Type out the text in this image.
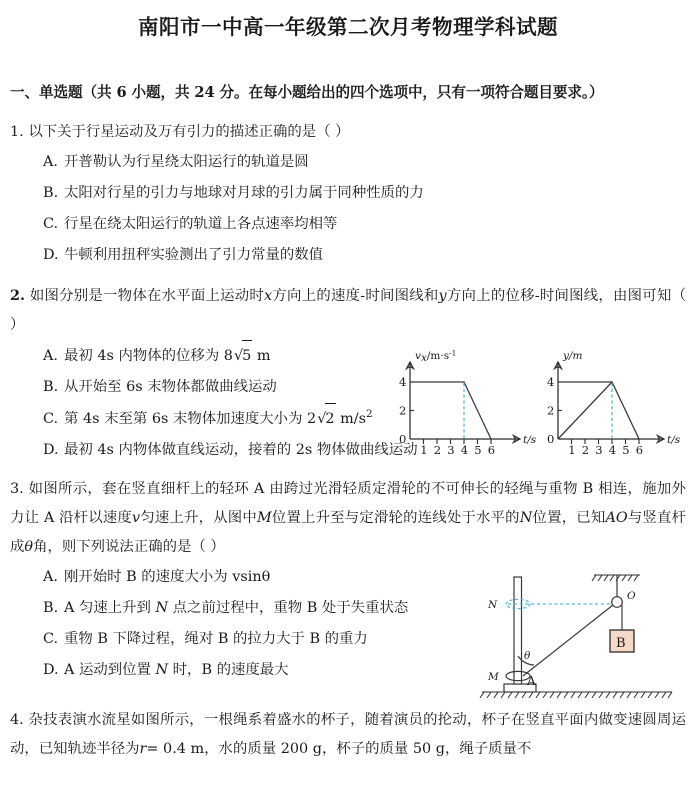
南阳市一中高一年级第二次月考物理学科试题
一、单选题（共 6 小题，共 24 分。在每小题给出的四个选项中，只有一项符合题目要求。）
1. 以下关于行星运动及万有引力的描述正确的是（ ）
A. 开普勒认为行星绕太阳运行的轨道是圆
B. 太阳对行星的引力与地球对月球的引力属于同种性质的力
C. 行星在绕太阳运行的轨道上各点速率均相等
D. 牛顿利用扭秤实验测出了引力常量的数值
2. 如图分别是一物体在水平面上运动时x方向上的速度-时间图线和y方向上的位移-时间图线，由图可知（ ）
4
2
0
1 2 3 4 5 6
$vx/m\cdot s^{-1}$
t/s
4
2
0
1 2 3 4 5 6
y/m
t/s
A. 最初 4s 内物体的位移为 8√5 m
B. 从开始至 6s 末物体都做曲线运动
C. 第 4s 末至第 6s 末物体加速度大小为 2√2 $m/s^2$
D. 最初 4s 内物体做直线运动，接着的 2s 物体做曲线运动
3. 如图所示，套在竖直细杆上的轻环 A 由跨过光滑轻质定滑轮的不可伸长的轻绳与重物 B 相连，施加外力让 A 沿杆以速度v匀速上升，从图中M位置上升至与定滑轮的连线处于水平的N位置，已知AO与竖直杆成θ角，则下列说法正确的是（ ）
O
N
B
M A
θ
A. 刚开始时 B 的速度大小为 vsinθ
B. A 匀速上升到 N 点之前过程中，重物 B 处于失重状态
C. 重物 B 下降过程，绳对 B 的拉力大于 B 的重力
D. A 运动到位置 N 时，B 的速度最大
4. 杂技表演水流星如图所示，一根绳系着盛水的杯子，随着演员的抡动，杯子在竖直平面内做变速圆周运动，已知轨迹半径为r= 0.4 m，水的质量 200 g，杯子的质量 50 g，绳子质量不
